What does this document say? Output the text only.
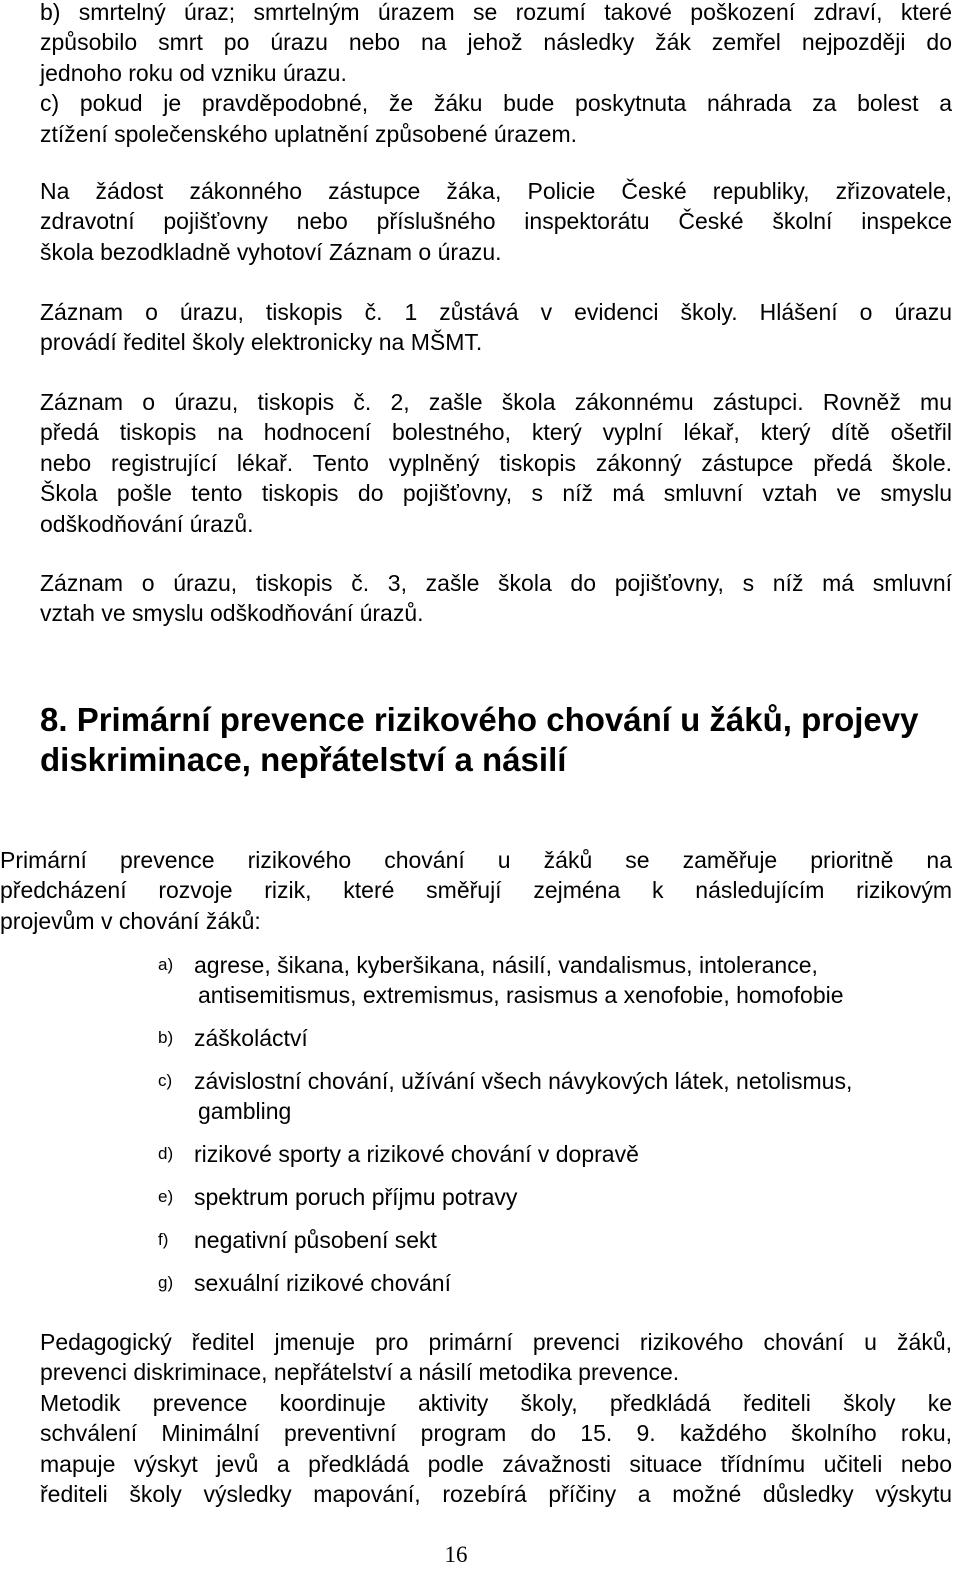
b) smrtelný úraz; smrtelným úrazem se rozumí takové poškození zdraví, které
způsobilo smrt po úrazu nebo na jehož následky žák zemřel nejpozději do
jednoho roku od vzniku úrazu.
c) pokud je pravděpodobné, že žáku bude poskytnuta náhrada za bolest a
ztížení společenského uplatnění způsobené úrazem.
Na žádost zákonného zástupce žáka, Policie České republiky, zřizovatele,
zdravotní pojišťovny nebo příslušného inspektorátu České školní inspekce
škola bezodkladně vyhotoví Záznam o úrazu.
Záznam o úrazu, tiskopis č. 1 zůstává v evidenci školy. Hlášení o úrazu
provádí ředitel školy elektronicky na MŠMT.
Záznam o úrazu, tiskopis č. 2, zašle škola zákonnému zástupci. Rovněž mu
předá tiskopis na hodnocení bolestného, který vyplní lékař, který dítě ošetřil
nebo registrující lékař. Tento vyplněný tiskopis zákonný zástupce předá škole.
Škola pošle tento tiskopis do pojišťovny, s níž má smluvní vztah ve smyslu
odškodňování úrazů.
Záznam o úrazu, tiskopis č. 3, zašle škola do pojišťovny, s níž má smluvní
vztah ve smyslu odškodňování úrazů.
8. Primární prevence rizikového chování u žáků, projevy
diskriminace, nepřátelství a násilí
Primární prevence rizikového chování u žáků se zaměřuje prioritně na
předcházení rozvoje rizik, které směřují zejména k následujícím rizikovým
projevům v chování žáků:
a) agrese, šikana, kyberšikana, násilí, vandalismus, intolerance,
antisemitismus, extremismus, rasismus a xenofobie, homofobie
b) záškoláctví
c) závislostní chování, užívání všech návykových látek, netolismus,
gambling
d) rizikové sporty a rizikové chování v dopravě
e) spektrum poruch příjmu potravy
f) negativní působení sekt
g) sexuální rizikové chování
Pedagogický ředitel jmenuje pro primární prevenci rizikového chování u žáků,
prevenci diskriminace, nepřátelství a násilí metodika prevence.
Metodik prevence koordinuje aktivity školy, předkládá řediteli školy ke
schválení Minimální preventivní program do 15. 9. každého školního roku,
mapuje výskyt jevů a předkládá podle závažnosti situace třídnímu učiteli nebo
řediteli školy výsledky mapování, rozebírá příčiny a možné důsledky výskytu
16
